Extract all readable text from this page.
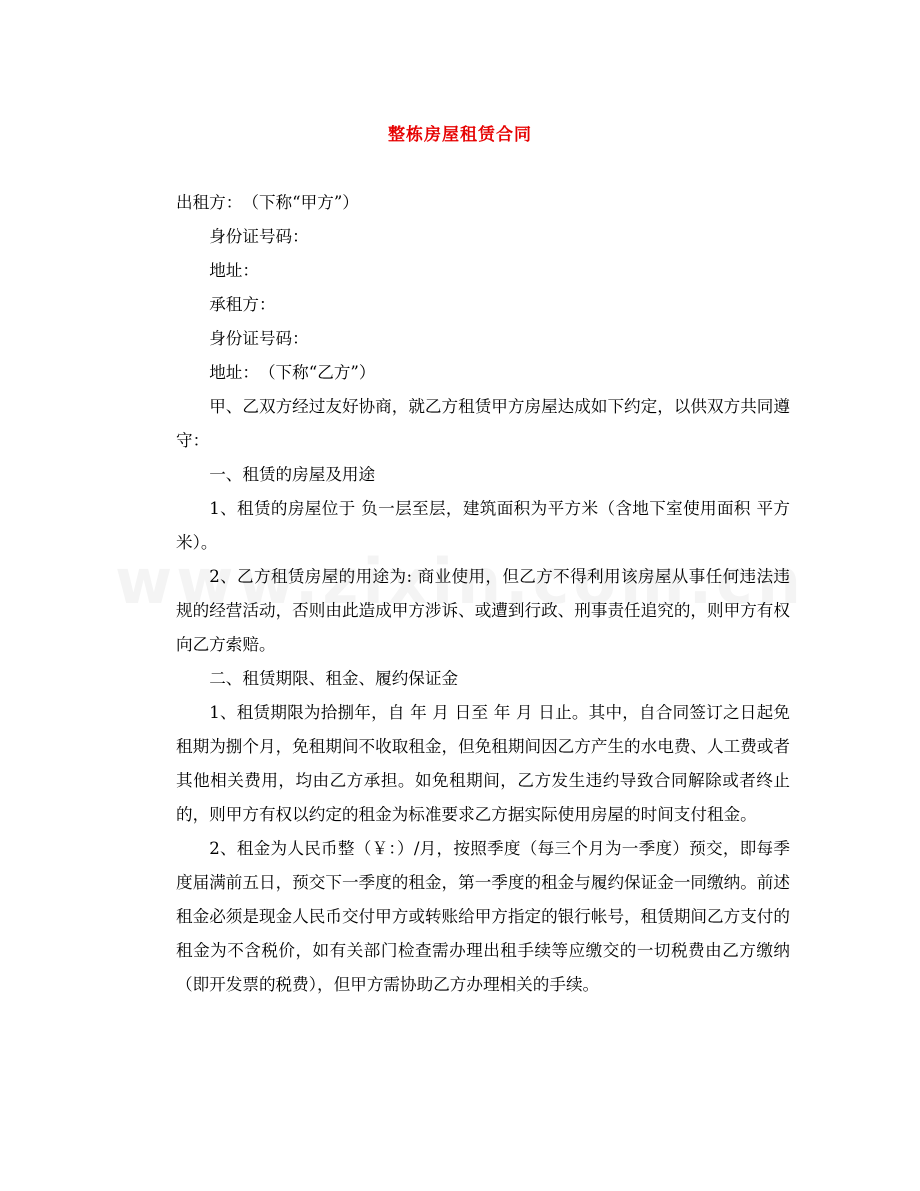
整栋房屋租赁合同

出租方：　（下称“甲方”）

身份证号码：

地址：

承租方：

身份证号码：

地址：　（下称“乙方”）

甲、乙双方经过友好协商，就乙方租赁甲方房屋达成如下约定，以供双方共同遵守：

一、租赁的房屋及用途

1、租赁的房屋位于 负一层至层，建筑面积为平方米（含地下室使用面积 平方米）。

2、乙方租赁房屋的用途为: 商业使用，但乙方不得利用该房屋从事任何违法违规的经营活动，否则由此造成甲方涉诉、或遭到行政、刑事责任追究的，则甲方有权向乙方索赔。

二、租赁期限、租金、履约保证金

1、租赁期限为拾捌年，自 年 月 日至 年 月 日止。其中，自合同签订之日起免租期为捌个月，免租期间不收取租金，但免租期间因乙方产生的水电费、人工费或者其他相关费用，均由乙方承担。如免租期间，乙方发生违约导致合同解除或者终止的，则甲方有权以约定的租金为标准要求乙方据实际使用房屋的时间支付租金。

2、租金为人民币整（￥：）/月，按照季度（每三个月为一季度）预交，即每季度届满前五日，预交下一季度的租金，第一季度的租金与履约保证金一同缴纳。前述租金必须是现金人民币交付甲方或转账给甲方指定的银行帐号，租赁期间乙方支付的租金为不含税价，如有关部门检查需办理出租手续等应缴交的一切税费由乙方缴纳（即开发票的税费），但甲方需协助乙方办理相关的手续。
